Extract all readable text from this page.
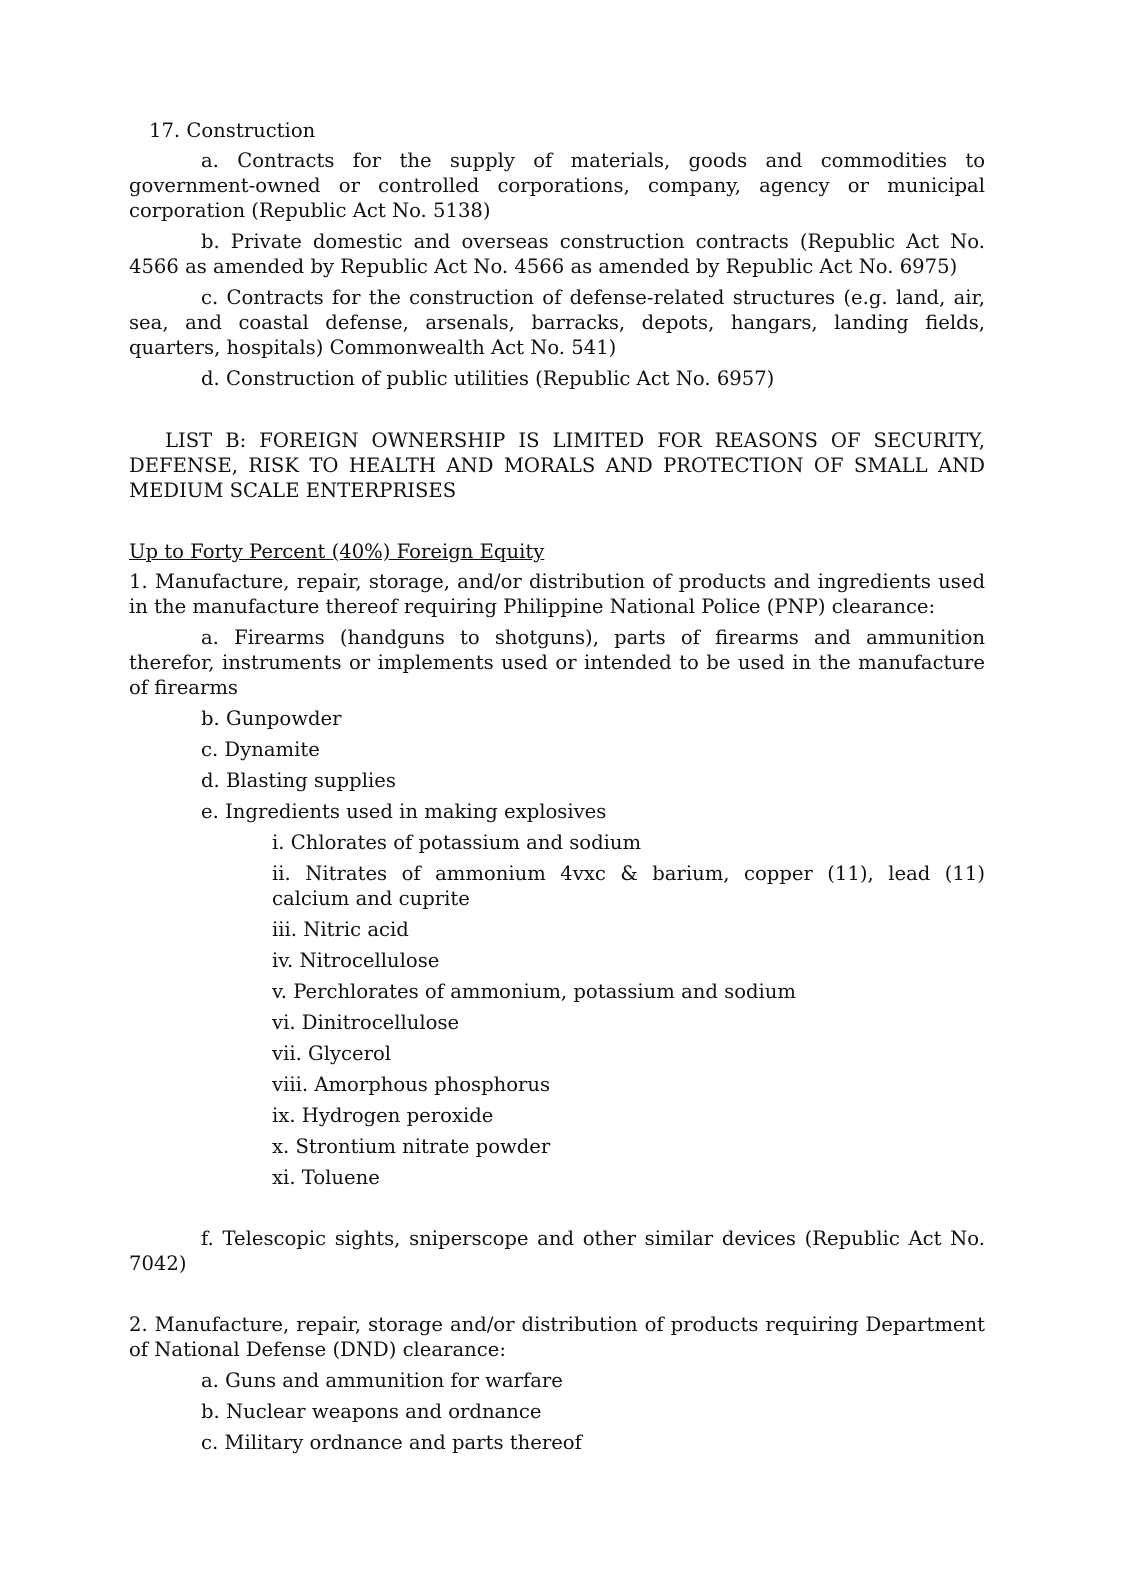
17. Construction

a. Contracts for the supply of materials, goods and commodities to government-owned or controlled corporations, company, agency or municipal corporation (Republic Act No. 5138)

b. Private domestic and overseas construction contracts (Republic Act No. 4566 as amended by Republic Act No. 4566 as amended by Republic Act No. 6975)

c. Contracts for the construction of defense-related structures (e.g. land, air, sea, and coastal defense, arsenals, barracks, depots, hangars, landing fields, quarters, hospitals) Commonwealth Act No. 541)

d. Construction of public utilities (Republic Act No. 6957)

LIST B: FOREIGN OWNERSHIP IS LIMITED FOR REASONS OF SECURITY, DEFENSE, RISK TO HEALTH AND MORALS AND PROTECTION OF SMALL AND MEDIUM SCALE ENTERPRISES

Up to Forty Percent (40%) Foreign Equity

1. Manufacture, repair, storage, and/or distribution of products and ingredients used in the manufacture thereof requiring Philippine National Police (PNP) clearance:

a. Firearms (handguns to shotguns), parts of firearms and ammunition therefor, instruments or implements used or intended to be used in the manufacture of firearms

b. Gunpowder

c. Dynamite

d. Blasting supplies

e. Ingredients used in making explosives

i. Chlorates of potassium and sodium

ii. Nitrates of ammonium 4vxc & barium, copper (11), lead (11) calcium and cuprite

iii. Nitric acid

iv. Nitrocellulose

v. Perchlorates of ammonium, potassium and sodium

vi. Dinitrocellulose

vii. Glycerol

viii. Amorphous phosphorus

ix. Hydrogen peroxide

x. Strontium nitrate powder

xi. Toluene

f. Telescopic sights, sniperscope and other similar devices (Republic Act No. 7042)

2. Manufacture, repair, storage and/or distribution of products requiring Department of National Defense (DND) clearance:

a. Guns and ammunition for warfare

b. Nuclear weapons and ordnance

c. Military ordnance and parts thereof
